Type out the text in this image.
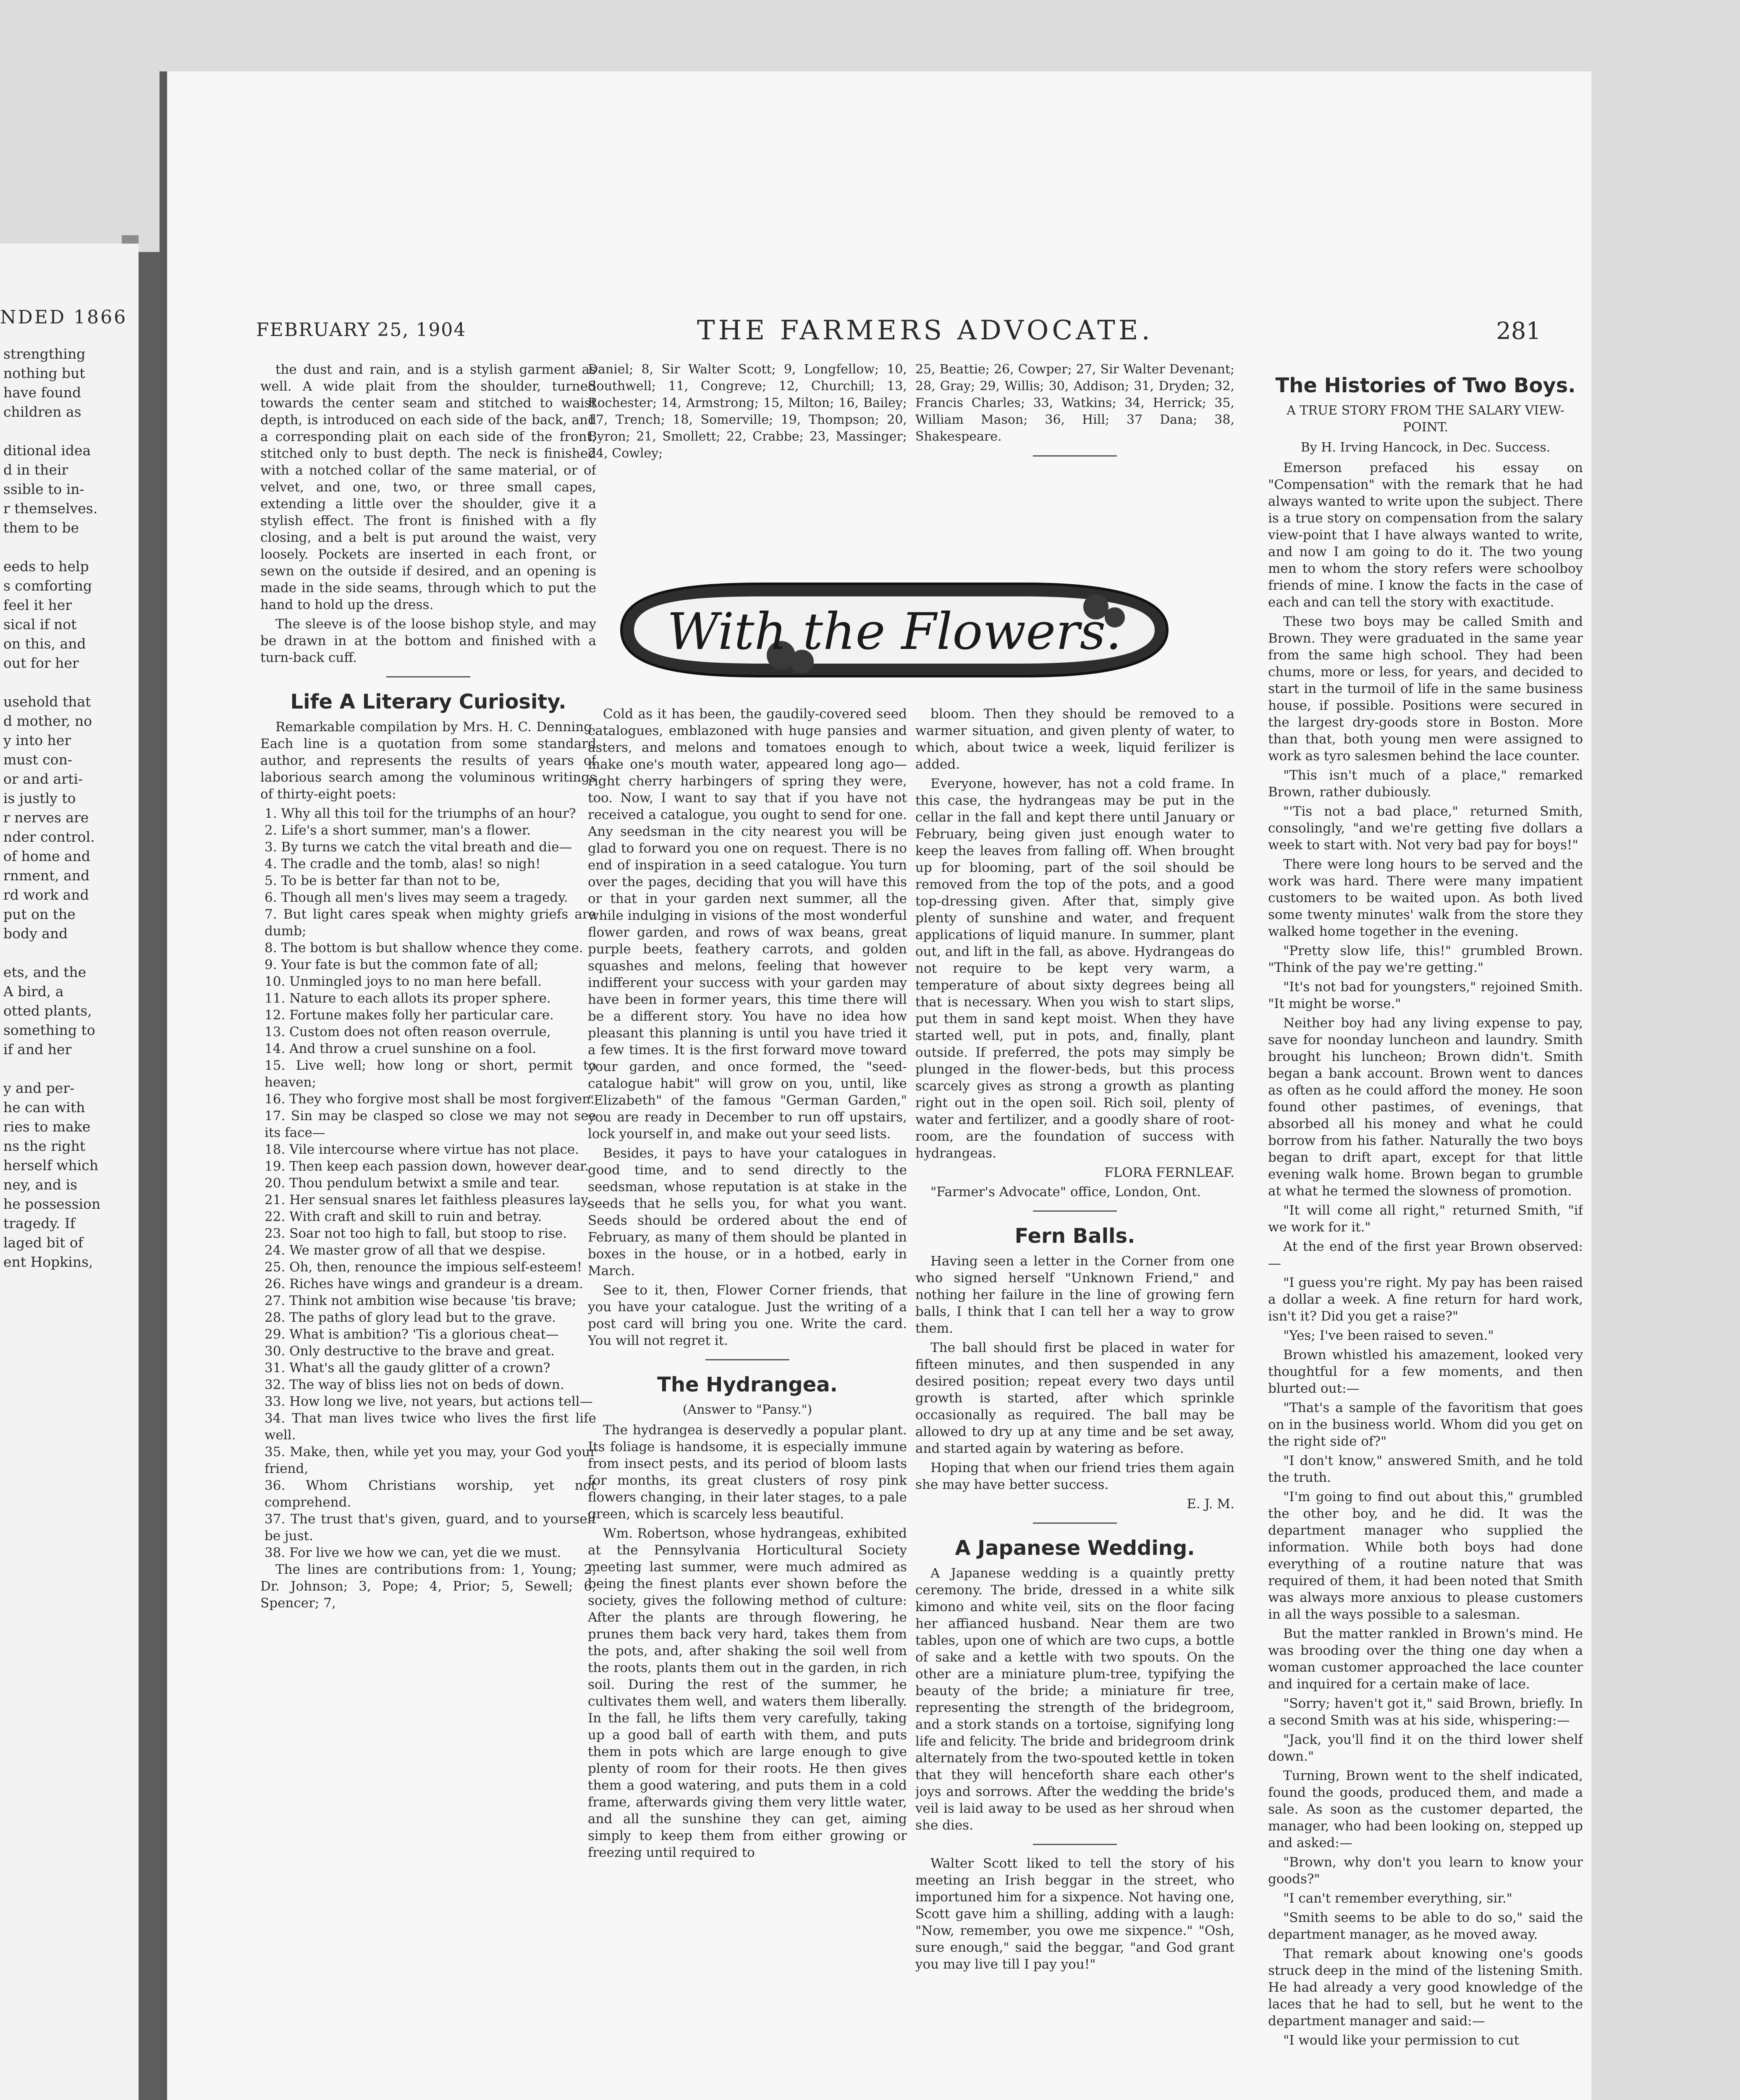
NDED 1866
strengthing
nothing but
have found
children as

ditional idea
d in their
ssible to in-
r themselves.
them to be

eeds to help
s comforting
feel it her
sical if not
on this, and
out for her

usehold that
d mother, no
y into her
must con-
or and arti-
is justly to
r nerves are
nder control.
of home and
rnment, and
rd work and
put on the
body and

ets, and the
A bird, a
otted plants,
something to
if and her

y and per-
he can with
ries to make
ns the right
herself which
ney, and is
he possession
tragedy. If
laged bit of
ent Hopkins,
FEBRUARY 25, 1904	THE FARMERS ADVOCATE.	281

the dust and rain, and is a stylish garment as well. A wide plait from the shoulder, turned towards the center seam and stitched to waist depth, is introduced on each side of the back, and a corresponding plait on each side of the front, stitched only to bust depth. The neck is finished with a notched collar of the same material, or of velvet, and one, two, or three small capes, extending a little over the shoulder, give it a stylish effect. The front is finished with a fly closing, and a belt is put around the waist, very loosely. Pockets are inserted in each front, or sewn on the outside if desired, and an opening is made in the side seams, through which to put the hand to hold up the dress.

The sleeve is of the loose bishop style, and may be drawn in at the bottom and finished with a turn-back cuff.

Life A Literary Curiosity.

Remarkable compilation by Mrs. H. C. Denning. Each line is a quotation from some standard author, and represents the results of years of laborious search among the voluminous writings of thirty-eight poets:

1. Why all this toil for the triumphs of an hour?

2. Life's a short summer, man's a flower.

3. By turns we catch the vital breath and die—

4. The cradle and the tomb, alas! so nigh!

5. To be is better far than not to be,

6. Though all men's lives may seem a tragedy.

7. But light cares speak when mighty griefs are dumb;

8. The bottom is but shallow whence they come.

9. Your fate is but the common fate of all;

10. Unmingled joys to no man here befall.

11. Nature to each allots its proper sphere.

12. Fortune makes folly her particular care.

13. Custom does not often reason overrule,

14. And throw a cruel sunshine on a fool.

15. Live well; how long or short, permit to heaven;

16. They who forgive most shall be most forgiven.

17. Sin may be clasped so close we may not see its face—

18. Vile intercourse where virtue has not place.

19. Then keep each passion down, however dear.

20. Thou pendulum betwixt a smile and tear.

21. Her sensual snares let faithless pleasures lay,

22. With craft and skill to ruin and betray.

23. Soar not too high to fall, but stoop to rise.

24. We master grow of all that we despise.

25. Oh, then, renounce the impious self-esteem!

26. Riches have wings and grandeur is a dream.

27. Think not ambition wise because 'tis brave;

28. The paths of glory lead but to the grave.

29. What is ambition? 'Tis a glorious cheat—

30. Only destructive to the brave and great.

31. What's all the gaudy glitter of a crown?

32. The way of bliss lies not on beds of down.

33. How long we live, not years, but actions tell—

34. That man lives twice who lives the first life well.

35. Make, then, while yet you may, your God your friend,

36. Whom Christians worship, yet not comprehend.

37. The trust that's given, guard, and to yourself be just.

38. For live we how we can, yet die we must.

The lines are contributions from: 1, Young; 2, Dr. Johnson; 3, Pope; 4, Prior; 5, Sewell; 6, Spencer; 7,

Daniel; 8, Sir Walter Scott; 9, Longfellow; 10, Southwell; 11, Congreve; 12, Churchill; 13, Rochester; 14, Armstrong; 15, Milton; 16, Bailey; 17, Trench; 18, Somerville; 19, Thompson; 20, Byron; 21, Smollett; 22, Crabbe; 23, Massinger; 24, Cowley;
25, Beattie; 26, Cowper; 27, Sir Walter Devenant; 28, Gray; 29, Willis; 30, Addison; 31, Dryden; 32, Francis Charles; 33, Watkins; 34, Herrick; 35, William Mason; 36, Hill; 37 Dana; 38, Shakespeare.
With the Flowers.

Cold as it has been, the gaudily-covered seed catalogues, emblazoned with huge pansies and asters, and melons and tomatoes enough to make one's mouth water, appeared long ago—right cherry harbingers of spring they were, too. Now, I want to say that if you have not received a catalogue, you ought to send for one. Any seedsman in the city nearest you will be glad to forward you one on request. There is no end of inspiration in a seed catalogue. You turn over the pages, deciding that you will have this or that in your garden next summer, all the while indulging in visions of the most wonderful flower garden, and rows of wax beans, great purple beets, feathery carrots, and golden squashes and melons, feeling that however indifferent your success with your garden may have been in former years, this time there will be a different story. You have no idea how pleasant this planning is until you have tried it a few times. It is the first forward move toward your garden, and once formed, the "seed-catalogue habit" will grow on you, until, like "Elizabeth" of the famous "German Garden," you are ready in December to run off upstairs, lock yourself in, and make out your seed lists.

Besides, it pays to have your catalogues in good time, and to send directly to the seedsman, whose reputation is at stake in the seeds that he sells you, for what you want. Seeds should be ordered about the end of February, as many of them should be planted in boxes in the house, or in a hotbed, early in March.

See to it, then, Flower Corner friends, that you have your catalogue. Just the writing of a post card will bring you one. Write the card. You will not regret it.

The Hydrangea.

(Answer to "Pansy.")

The hydrangea is deservedly a popular plant. Its foliage is handsome, it is especially immune from insect pests, and its period of bloom lasts for months, its great clusters of rosy pink flowers changing, in their later stages, to a pale green, which is scarcely less beautiful.

Wm. Robertson, whose hydrangeas, exhibited at the Pennsylvania Horticultural Society meeting last summer, were much admired as being the finest plants ever shown before the society, gives the following method of culture: After the plants are through flowering, he prunes them back very hard, takes them from the pots, and, after shaking the soil well from the roots, plants them out in the garden, in rich soil. During the rest of the summer, he cultivates them well, and waters them liberally. In the fall, he lifts them very carefully, taking up a good ball of earth with them, and puts them in pots which are large enough to give plenty of room for their roots. He then gives them a good watering, and puts them in a cold frame, afterwards giving them very little water, and all the sunshine they can get, aiming simply to keep them from either growing or freezing until required to

bloom. Then they should be removed to a warmer situation, and given plenty of water, to which, about twice a week, liquid ferilizer is added.

Everyone, however, has not a cold frame. In this case, the hydrangeas may be put in the cellar in the fall and kept there until January or February, being given just enough water to keep the leaves from falling off. When brought up for blooming, part of the soil should be removed from the top of the pots, and a good top-dressing given. After that, simply give plenty of sunshine and water, and frequent applications of liquid manure. In summer, plant out, and lift in the fall, as above. Hydrangeas do not require to be kept very warm, a temperature of about sixty degrees being all that is necessary. When you wish to start slips, put them in sand kept moist. When they have started well, put in pots, and, finally, plant outside. If preferred, the pots may simply be plunged in the flower-beds, but this process scarcely gives as strong a growth as planting right out in the open soil. Rich soil, plenty of water and fertilizer, and a goodly share of root-room, are the foundation of success with hydrangeas.

FLORA FERNLEAF.

"Farmer's Advocate" office, London, Ont.

Fern Balls.

Having seen a letter in the Corner from one who signed herself "Unknown Friend," and nothing her failure in the line of growing fern balls, I think that I can tell her a way to grow them.

The ball should first be placed in water for fifteen minutes, and then suspended in any desired position; repeat every two days until growth is started, after which sprinkle occasionally as required. The ball may be allowed to dry up at any time and be set away, and started again by watering as before.

Hoping that when our friend tries them again she may have better success.

E. J. M.

A Japanese Wedding.

A Japanese wedding is a quaintly pretty ceremony. The bride, dressed in a white silk kimono and white veil, sits on the floor facing her affianced husband. Near them are two tables, upon one of which are two cups, a bottle of sake and a kettle with two spouts. On the other are a miniature plum-tree, typifying the beauty of the bride; a miniature fir tree, representing the strength of the bridegroom, and a stork stands on a tortoise, signifying long life and felicity. The bride and bridegroom drink alternately from the two-spouted kettle in token that they will henceforth share each other's joys and sorrows. After the wedding the bride's veil is laid away to be used as her shroud when she dies.

Walter Scott liked to tell the story of his meeting an Irish beggar in the street, who importuned him for a sixpence. Not having one, Scott gave him a shilling, adding with a laugh: "Now, remember, you owe me sixpence." "Osh, sure enough," said the beggar, "and God grant you may live till I pay you!"

The Histories of Two Boys.

A TRUE STORY FROM THE SALARY VIEW-POINT.

By H. Irving Hancock, in Dec. Success.

Emerson prefaced his essay on "Compensation" with the remark that he had always wanted to write upon the subject. There is a true story on compensation from the salary view-point that I have always wanted to write, and now I am going to do it. The two young men to whom the story refers were schoolboy friends of mine. I know the facts in the case of each and can tell the story with exactitude.

These two boys may be called Smith and Brown. They were graduated in the same year from the same high school. They had been chums, more or less, for years, and decided to start in the turmoil of life in the same business house, if possible. Positions were secured in the largest dry-goods store in Boston. More than that, both young men were assigned to work as tyro salesmen behind the lace counter.

"This isn't much of a place," remarked Brown, rather dubiously.

"'Tis not a bad place," returned Smith, consolingly, "and we're getting five dollars a week to start with. Not very bad pay for boys!"

There were long hours to be served and the work was hard. There were many impatient customers to be waited upon. As both lived some twenty minutes' walk from the store they walked home together in the evening.

"Pretty slow life, this!" grumbled Brown. "Think of the pay we're getting."

"It's not bad for youngsters," rejoined Smith. "It might be worse."

Neither boy had any living expense to pay, save for noonday luncheon and laundry. Smith brought his luncheon; Brown didn't. Smith began a bank account. Brown went to dances as often as he could afford the money. He soon found other pastimes, of evenings, that absorbed all his money and what he could borrow from his father. Naturally the two boys began to drift apart, except for that little evening walk home. Brown began to grumble at what he termed the slowness of promotion.

"It will come all right," returned Smith, "if we work for it."

At the end of the first year Brown observed:—

"I guess you're right. My pay has been raised a dollar a week. A fine return for hard work, isn't it? Did you get a raise?"

"Yes; I've been raised to seven."

Brown whistled his amazement, looked very thoughtful for a few moments, and then blurted out:—

"That's a sample of the favoritism that goes on in the business world. Whom did you get on the right side of?"

"I don't know," answered Smith, and he told the truth.

"I'm going to find out about this," grumbled the other boy, and he did. It was the department manager who supplied the information. While both boys had done everything of a routine nature that was required of them, it had been noted that Smith was always more anxious to please customers in all the ways possible to a salesman.

But the matter rankled in Brown's mind. He was brooding over the thing one day when a woman customer approached the lace counter and inquired for a certain make of lace.

"Sorry; haven't got it," said Brown, briefly. In a second Smith was at his side, whispering:—

"Jack, you'll find it on the third lower shelf down."

Turning, Brown went to the shelf indicated, found the goods, produced them, and made a sale. As soon as the customer departed, the manager, who had been looking on, stepped up and asked:—

"Brown, why don't you learn to know your goods?"

"I can't remember everything, sir."

"Smith seems to be able to do so," said the department manager, as he moved away.

That remark about knowing one's goods struck deep in the mind of the listening Smith. He had already a very good knowledge of the laces that he had to sell, but he went to the department manager and said:—

"I would like your permission to cut
